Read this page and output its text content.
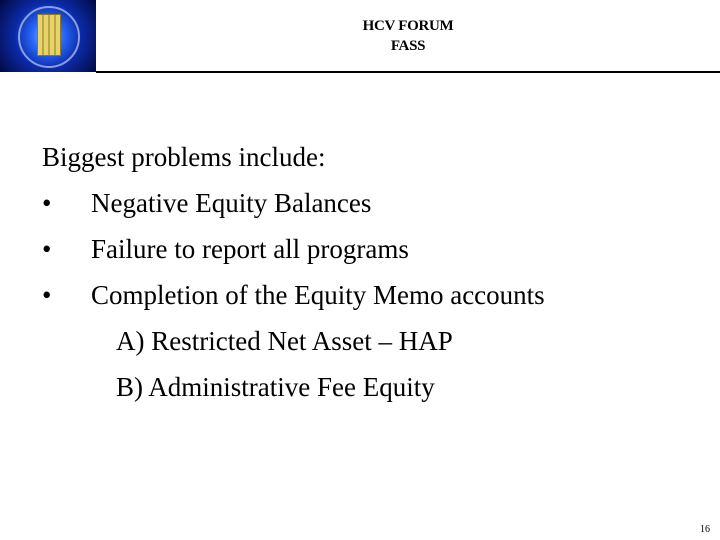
HCV FORUM
FASS
Biggest problems include:
•	Negative Equity Balances
•	Failure to report all programs
•	Completion of the Equity Memo accounts
A) Restricted Net Asset – HAP
B) Administrative Fee Equity
16
